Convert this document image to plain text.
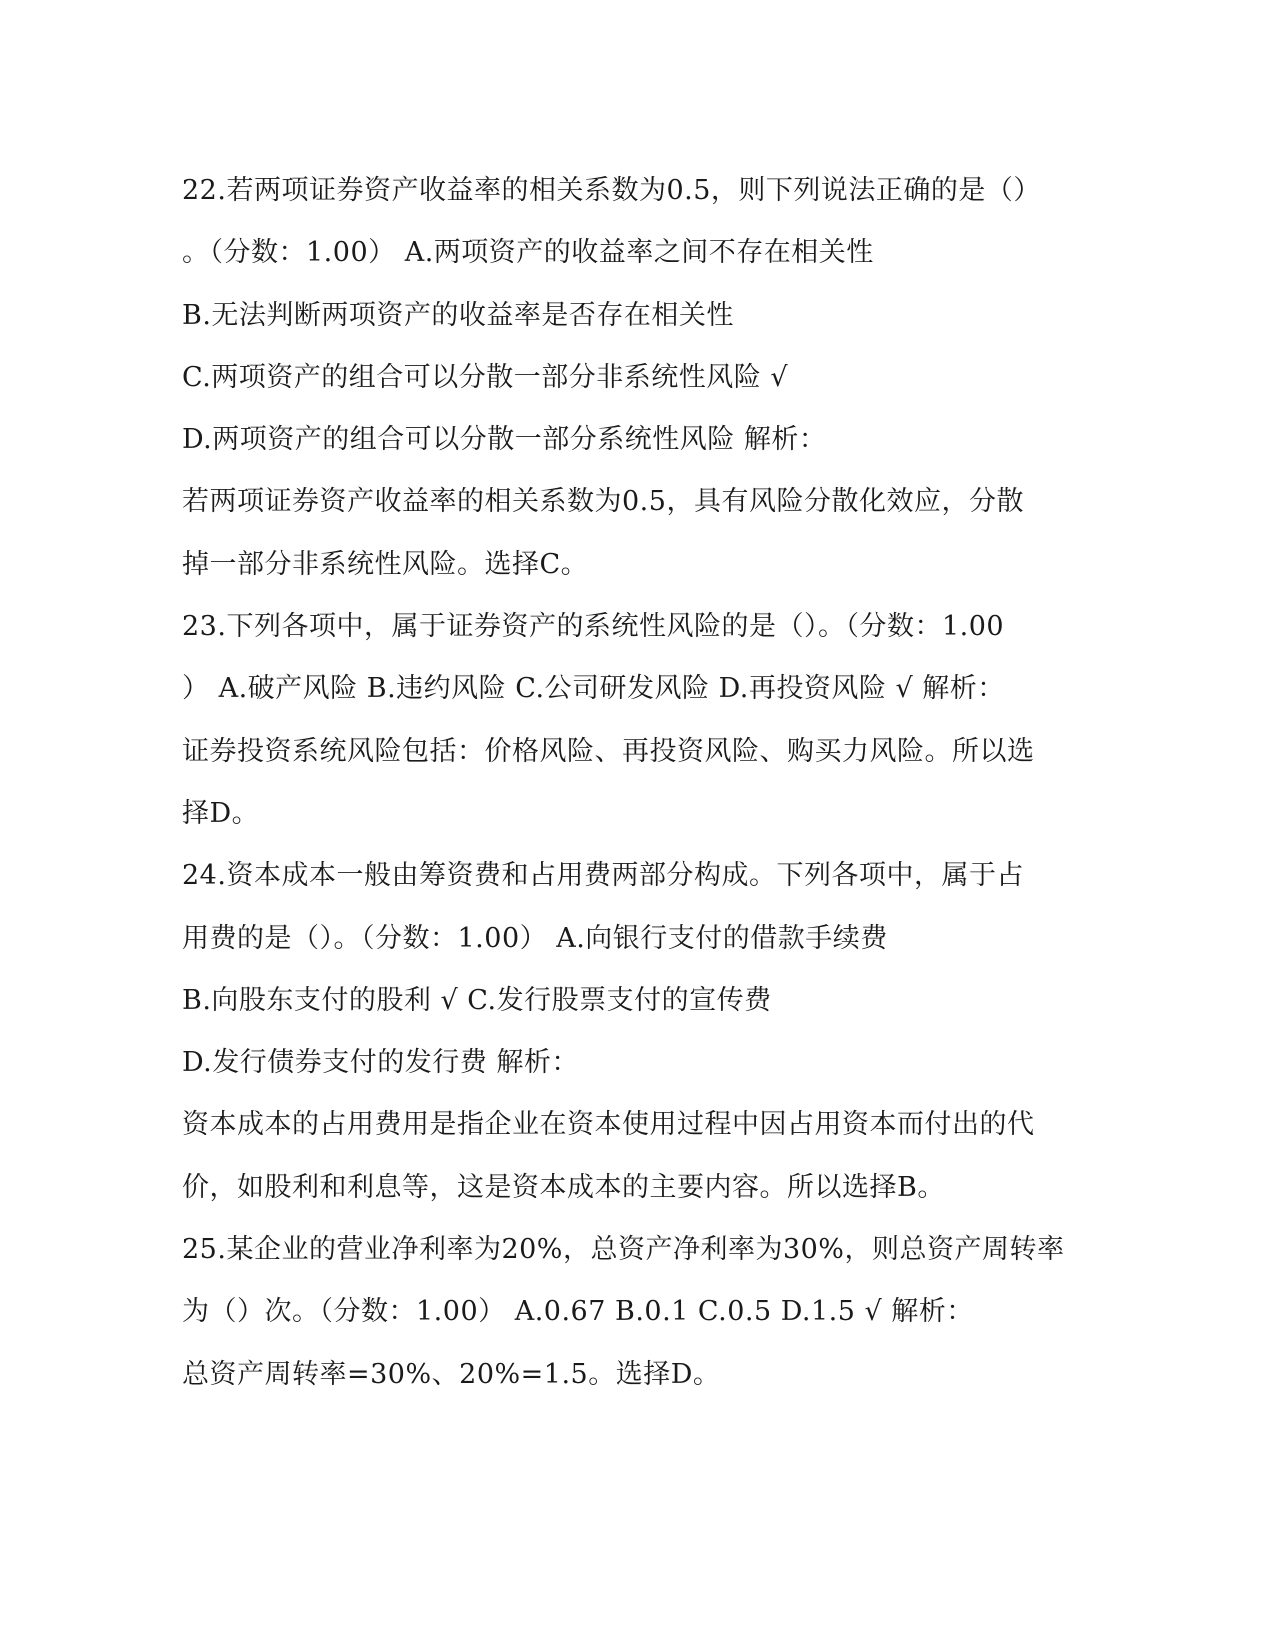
22.若两项证券资产收益率的相关系数为0.5，则下列说法正确的是（）
。（分数：1.00） A.两项资产的收益率之间不存在相关性
B.无法判断两项资产的收益率是否存在相关性
C.两项资产的组合可以分散一部分非系统性风险 √
D.两项资产的组合可以分散一部分系统性风险 解析：
若两项证券资产收益率的相关系数为0.5，具有风险分散化效应，分散
掉一部分非系统性风险。选择C。
23.下列各项中，属于证券资产的系统性风险的是（）。（分数：1.00
） A.破产风险 B.违约风险 C.公司研发风险 D.再投资风险 √ 解析：
证券投资系统风险包括：价格风险、再投资风险、购买力风险。所以选
择D。
24.资本成本一般由筹资费和占用费两部分构成。下列各项中，属于占
用费的是（）。（分数：1.00） A.向银行支付的借款手续费
B.向股东支付的股利 √ C.发行股票支付的宣传费
D.发行债券支付的发行费 解析：
资本成本的占用费用是指企业在资本使用过程中因占用资本而付出的代
价，如股利和利息等，这是资本成本的主要内容。所以选择B。
25.某企业的营业净利率为20%，总资产净利率为30%，则总资产周转率
为（）次。（分数：1.00） A.0.67 B.0.1 C.0.5 D.1.5 √ 解析：
总资产周转率=30%、20%=1.5。选择D。
